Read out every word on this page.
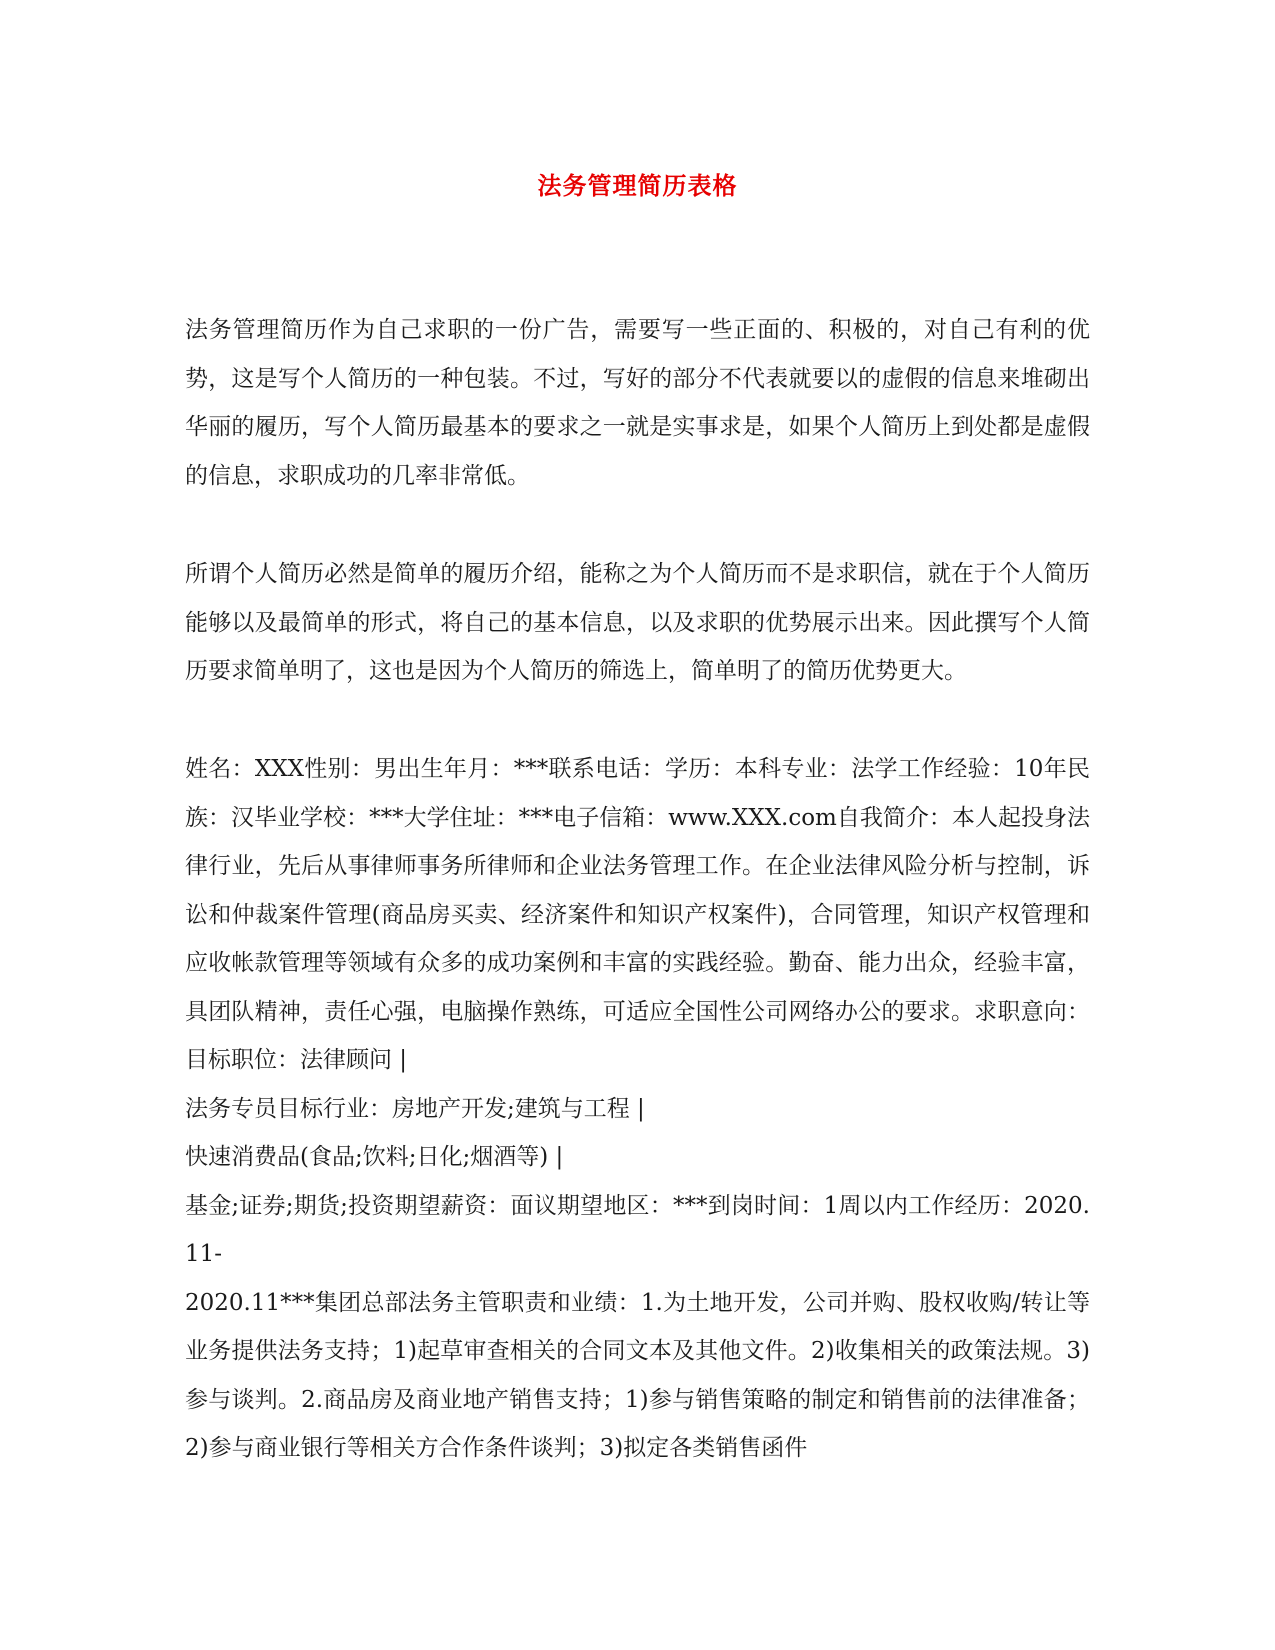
法务管理简历表格
法务管理简历作为自己求职的一份广告，需要写一些正面的、积极的，对自己有利的优势，这是写个人简历的一种包装。不过，写好的部分不代表就要以的虚假的信息来堆砌出华丽的履历，写个人简历最基本的要求之一就是实事求是，如果个人简历上到处都是虚假的信息，求职成功的几率非常低。
所谓个人简历必然是简单的履历介绍，能称之为个人简历而不是求职信，就在于个人简历能够以及最简单的形式，将自己的基本信息，以及求职的优势展示出来。因此撰写个人简历要求简单明了，这也是因为个人简历的筛选上，简单明了的简历优势更大。
姓名：XXX性别：男出生年月：***联系电话：学历：本科专业：法学工作经验：10年民族：汉毕业学校：***大学住址：***电子信箱：www.XXX.com自我简介：本人起投身法律行业，先后从事律师事务所律师和企业法务管理工作。在企业法律风险分析与控制，诉讼和仲裁案件管理(商品房买卖、经济案件和知识产权案件)，合同管理，知识产权管理和应收帐款管理等领域有众多的成功案例和丰富的实践经验。勤奋、能力出众，经验丰富，具团队精神，责任心强，电脑操作熟练，可适应全国性公司网络办公的要求。求职意向：目标职位：法律顾问 |
法务专员目标行业：房地产开发;建筑与工程 |
快速消费品(食品;饮料;日化;烟酒等) |
基金;证券;期货;投资期望薪资：面议期望地区：***到岗时间：1周以内工作经历：2020.11-
2020.11***集团总部法务主管职责和业绩：1.为土地开发，公司并购、股权收购/转让等业务提供法务支持；1)起草审查相关的合同文本及其他文件。2)收集相关的政策法规。3)参与谈判。2.商品房及商业地产销售支持；1)参与销售策略的制定和销售前的法律准备；2)参与商业银行等相关方合作条件谈判；3)拟定各类销售函件
